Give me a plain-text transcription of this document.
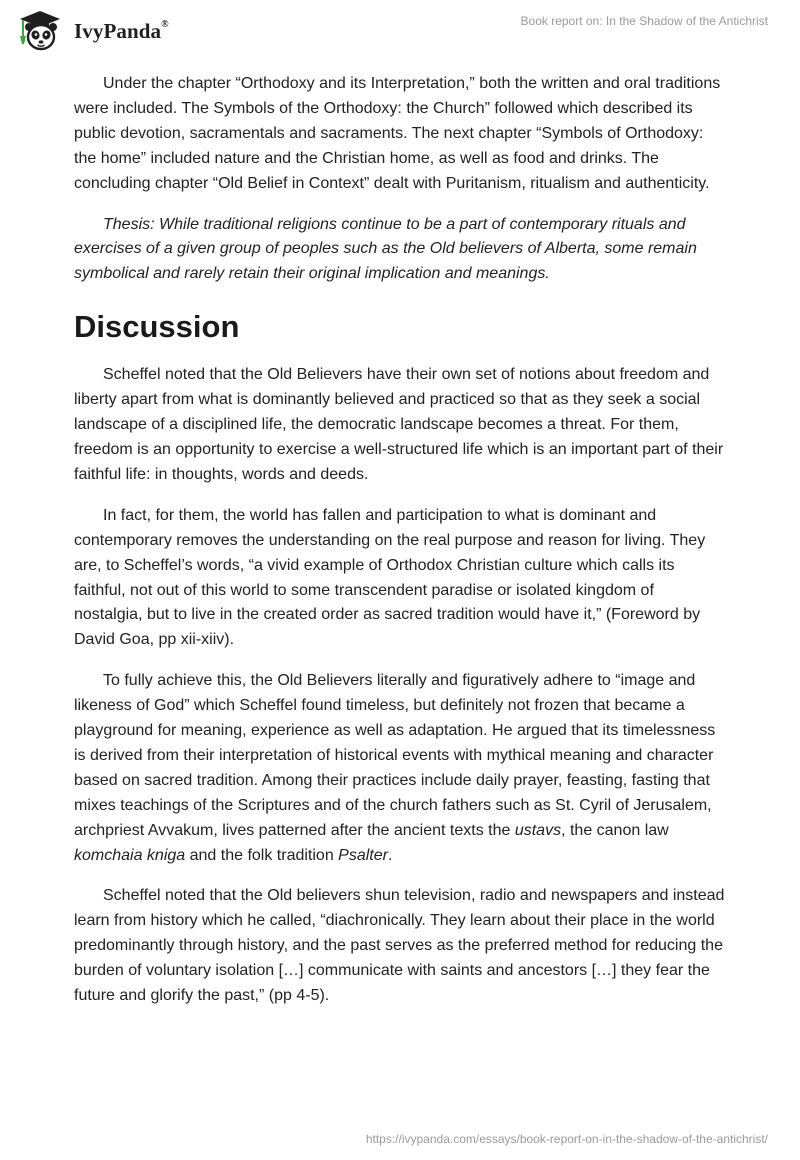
IvyPanda®	Book report on: In the Shadow of the Antichrist

Under the chapter “Orthodoxy and its Interpretation,” both the written and oral traditions were included. The Symbols of the Orthodoxy: the Church” followed which described its public devotion, sacramentals and sacraments. The next chapter “Symbols of Orthodoxy: the home” included nature and the Christian home, as well as food and drinks. The concluding chapter “Old Belief in Context” dealt with Puritanism, ritualism and authenticity.

Thesis: While traditional religions continue to be a part of contemporary rituals and exercises of a given group of peoples such as the Old believers of Alberta, some remain symbolical and rarely retain their original implication and meanings.

Discussion

Scheffel noted that the Old Believers have their own set of notions about freedom and liberty apart from what is dominantly believed and practiced so that as they seek a social landscape of a disciplined life, the democratic landscape becomes a threat. For them, freedom is an opportunity to exercise a well-structured life which is an important part of their faithful life: in thoughts, words and deeds.

In fact, for them, the world has fallen and participation to what is dominant and contemporary removes the understanding on the real purpose and reason for living. They are, to Scheffel’s words, “a vivid example of Orthodox Christian culture which calls its faithful, not out of this world to some transcendent paradise or isolated kingdom of nostalgia, but to live in the created order as sacred tradition would have it,” (Foreword by David Goa, pp xii-xiiv).

To fully achieve this, the Old Believers literally and figuratively adhere to “image and likeness of God” which Scheffel found timeless, but definitely not frozen that became a playground for meaning, experience as well as adaptation. He argued that its timelessness is derived from their interpretation of historical events with mythical meaning and character based on sacred tradition. Among their practices include daily prayer, feasting, fasting that mixes teachings of the Scriptures and of the church fathers such as St. Cyril of Jerusalem, archpriest Avvakum, lives patterned after the ancient texts the ustavs, the canon law komchaia kniga and the folk tradition Psalter.

Scheffel noted that the Old believers shun television, radio and newspapers and instead learn from history which he called, “diachronically. They learn about their place in the world predominantly through history, and the past serves as the preferred method for reducing the burden of voluntary isolation […] communicate with saints and ancestors […] they fear the future and glorify the past,” (pp 4-5).

https://ivypanda.com/essays/book-report-on-in-the-shadow-of-the-antichrist/
